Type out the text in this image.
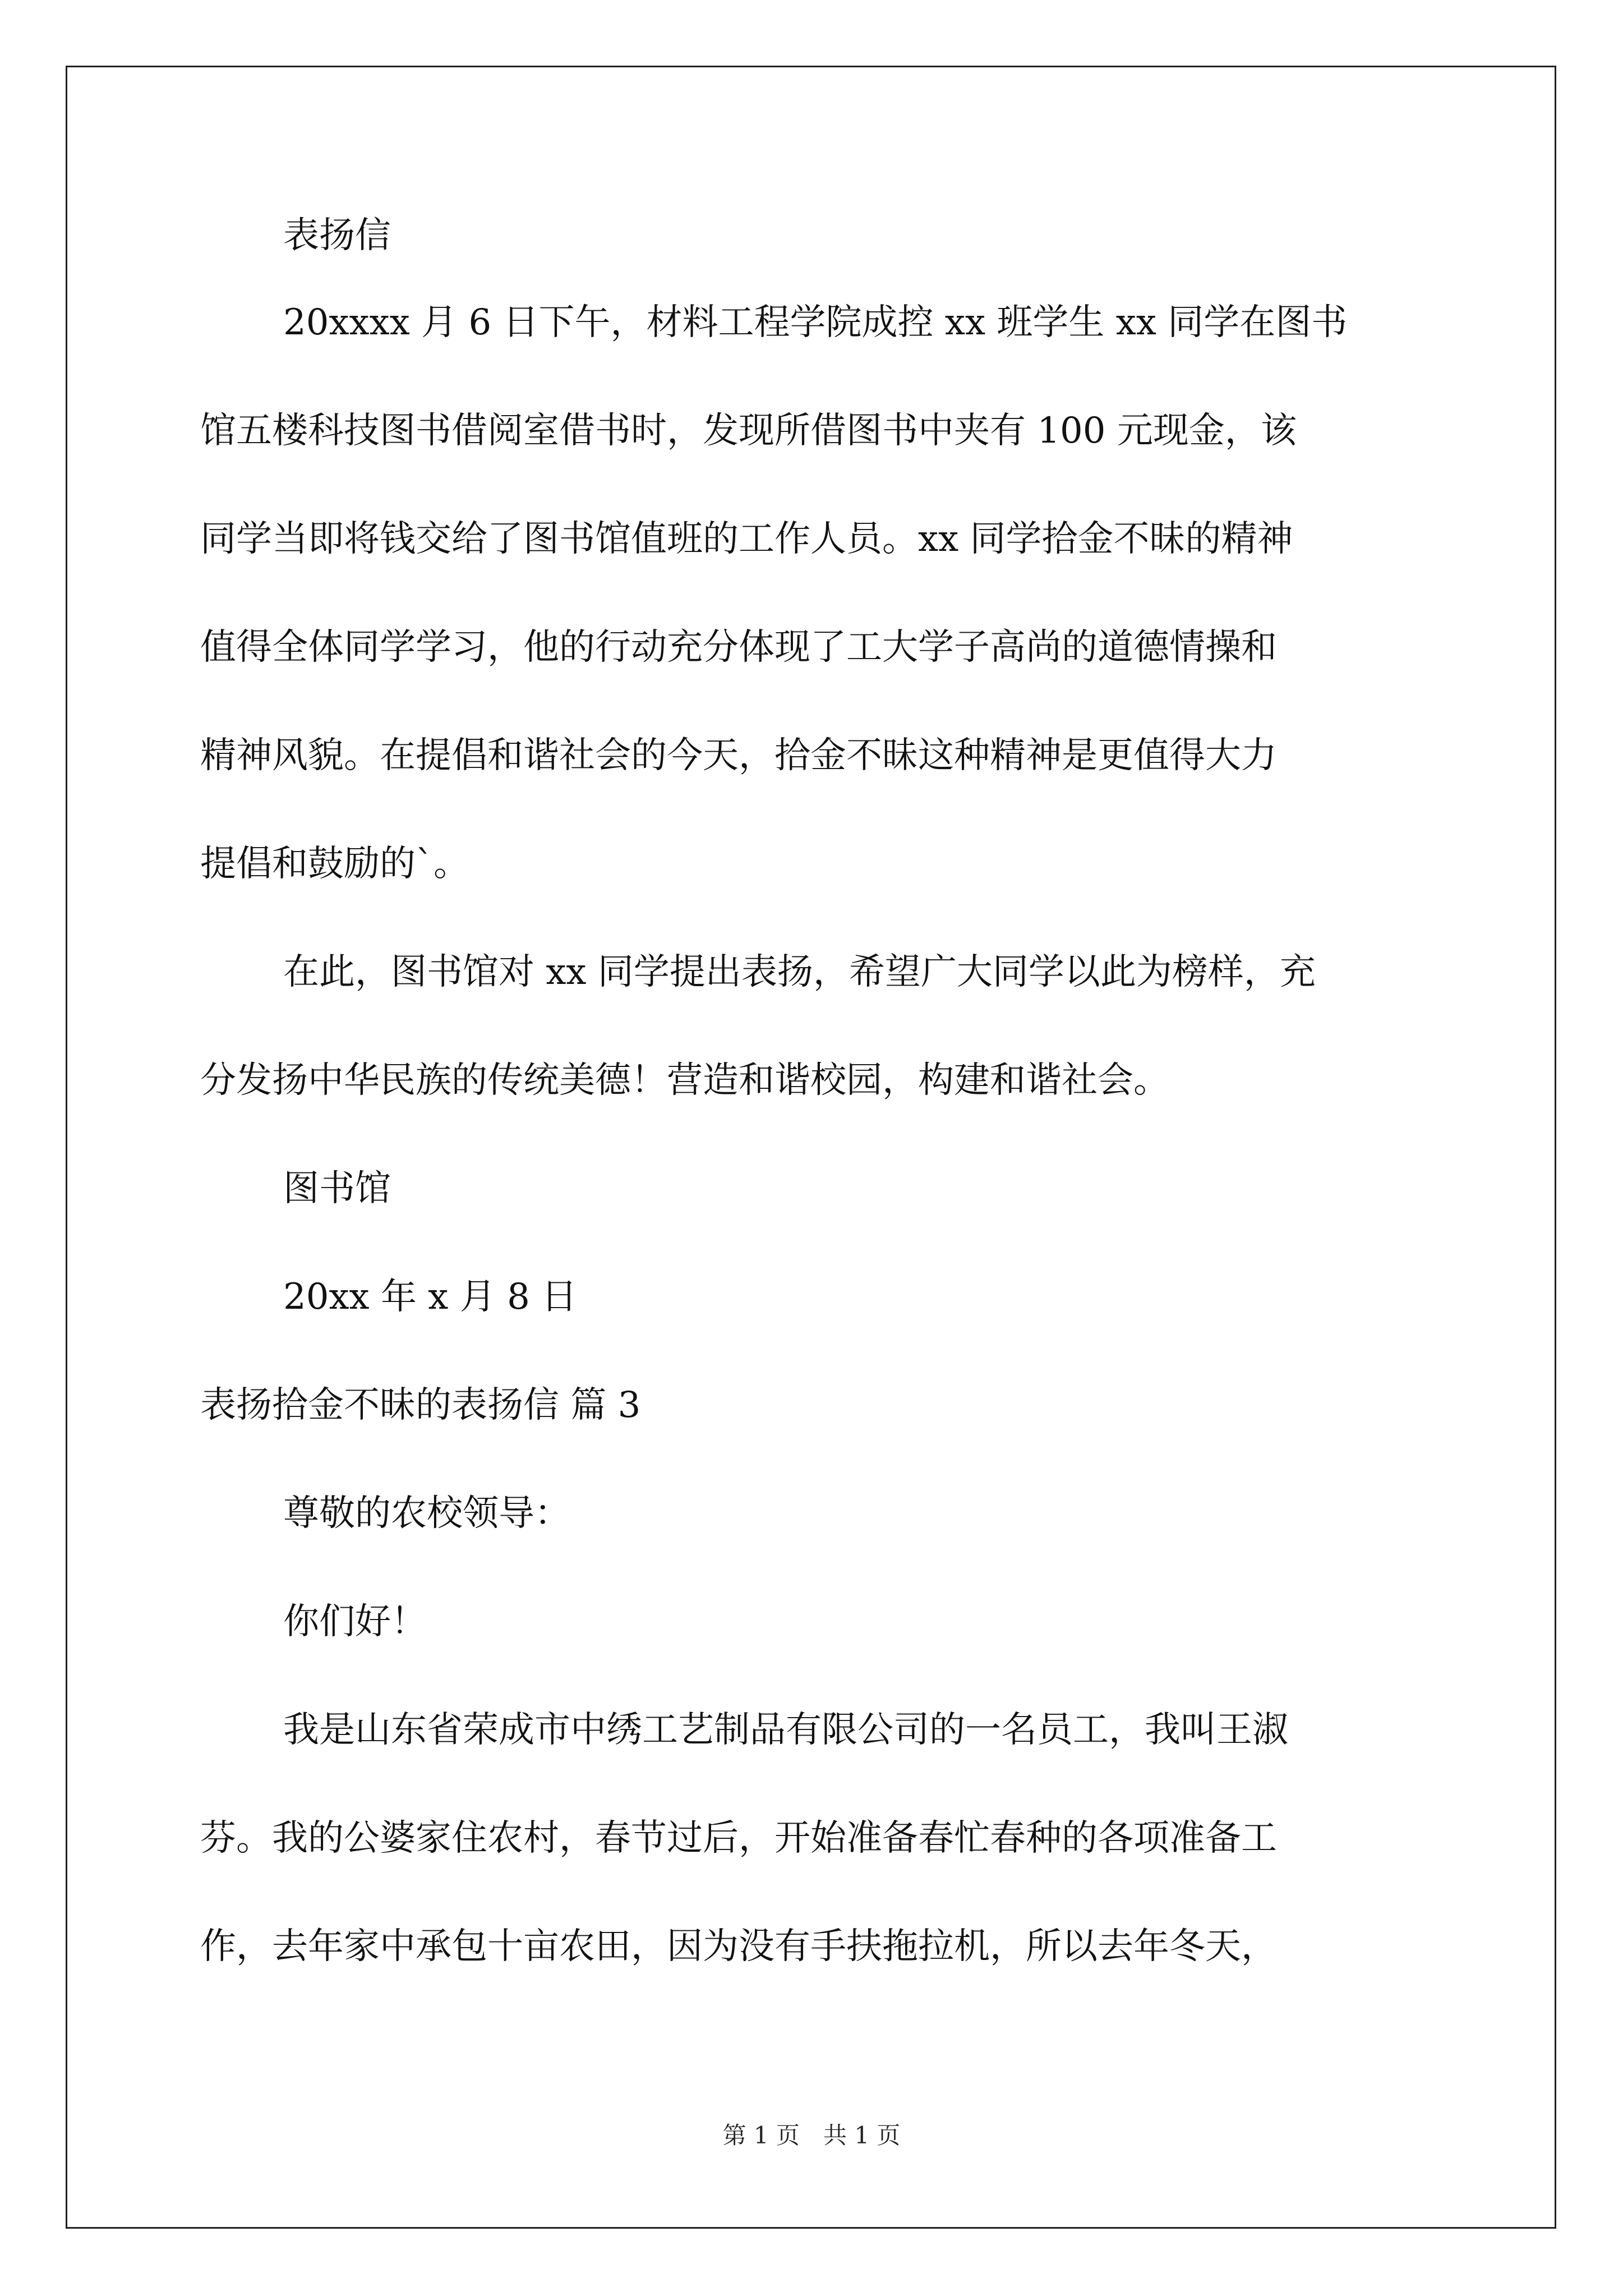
表扬信
20xxxx 月 6 日下午，材料工程学院成控 xx 班学生 xx 同学在图书
馆五楼科技图书借阅室借书时，发现所借图书中夹有 100 元现金，该
同学当即将钱交给了图书馆值班的工作人员。xx 同学拾金不昧的精神
值得全体同学学习，他的行动充分体现了工大学子高尚的道德情操和
精神风貌。在提倡和谐社会的今天，拾金不昧这种精神是更值得大力
提倡和鼓励的`。
在此，图书馆对 xx 同学提出表扬，希望广大同学以此为榜样，充
分发扬中华民族的传统美德！营造和谐校园，构建和谐社会。
图书馆
20xx 年 x 月 8 日
表扬拾金不昧的表扬信 篇 3
尊敬的农校领导：
你们好！
我是山东省荣成市中绣工艺制品有限公司的一名员工，我叫王淑
芬。我的公婆家住农村，春节过后，开始准备春忙春种的各项准备工
作，去年家中承包十亩农田，因为没有手扶拖拉机，所以去年冬天，
第 1 页　共 1 页
